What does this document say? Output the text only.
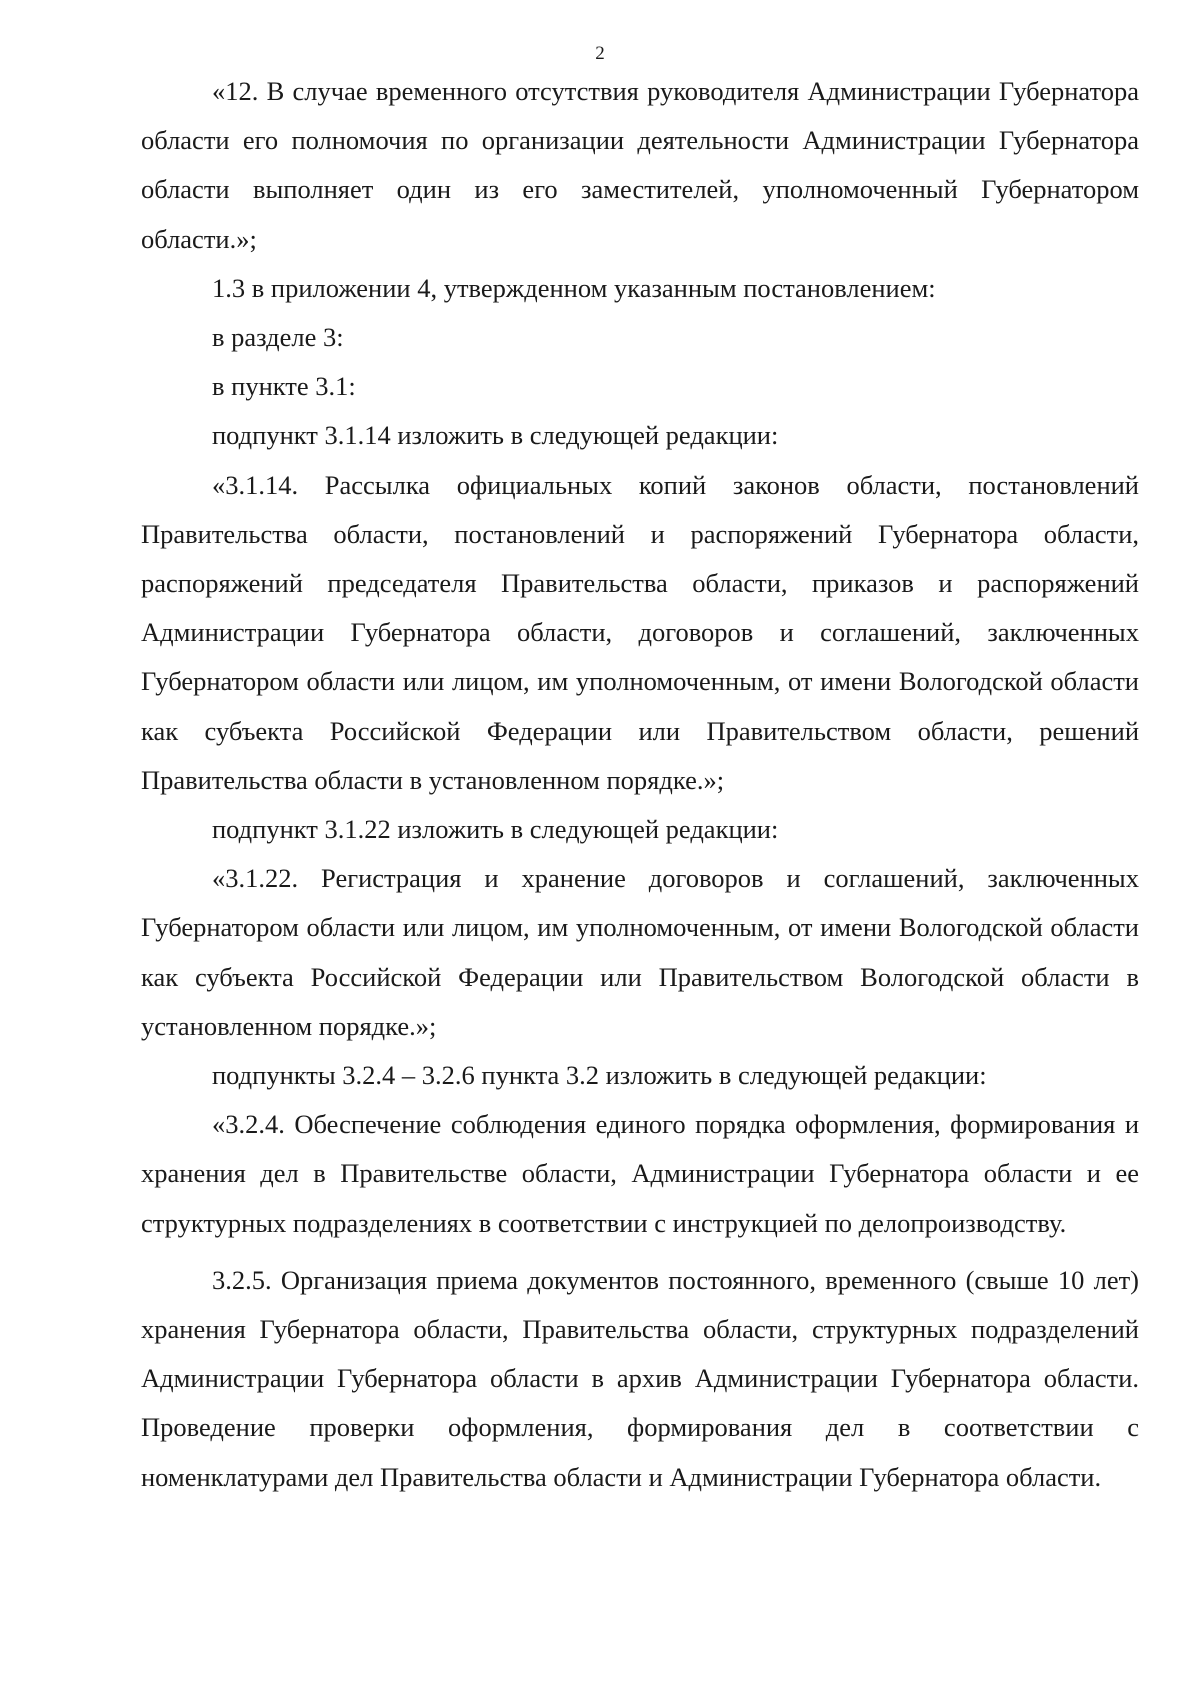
2

«12. В случае временного отсутствия руководителя Администрации Губернатора области его полномочия по организации деятельности Администрации Губернатора области выполняет один из его заместителей, уполномоченный Губернатором области.»;

1.3 в приложении 4, утвержденном указанным постановлением:

в разделе 3:

в пункте 3.1:

подпункт 3.1.14 изложить в следующей редакции:

«3.1.14. Рассылка официальных копий законов области, постановлений Правительства области, постановлений и распоряжений Губернатора области, распоряжений председателя Правительства области, приказов и распоряжений Администрации Губернатора области, договоров и соглашений, заключенных Губернатором области или лицом, им уполномоченным, от имени Вологодской области как субъекта Российской Федерации или Правительством области, решений Правительства области в установленном порядке.»;

подпункт 3.1.22 изложить в следующей редакции:

«3.1.22. Регистрация и хранение договоров и соглашений, заключенных Губернатором области или лицом, им уполномоченным, от имени Вологодской области как субъекта Российской Федерации или Правительством Вологодской области в установленном порядке.»;

подпункты 3.2.4 – 3.2.6 пункта 3.2 изложить в следующей редакции:

«3.2.4. Обеспечение соблюдения единого порядка оформления, формирования и хранения дел в Правительстве области, Администрации Губернатора области и ее структурных подразделениях в соответствии с инструкцией по делопроизводству.

3.2.5. Организация приема документов постоянного, временного (свыше 10 лет) хранения Губернатора области, Правительства области, структурных подразделений Администрации Губернатора области в архив Администрации Губернатора области. Проведение проверки оформления, формирования дел в соответствии с номенклатурами дел Правительства области и Администрации Губернатора области.
